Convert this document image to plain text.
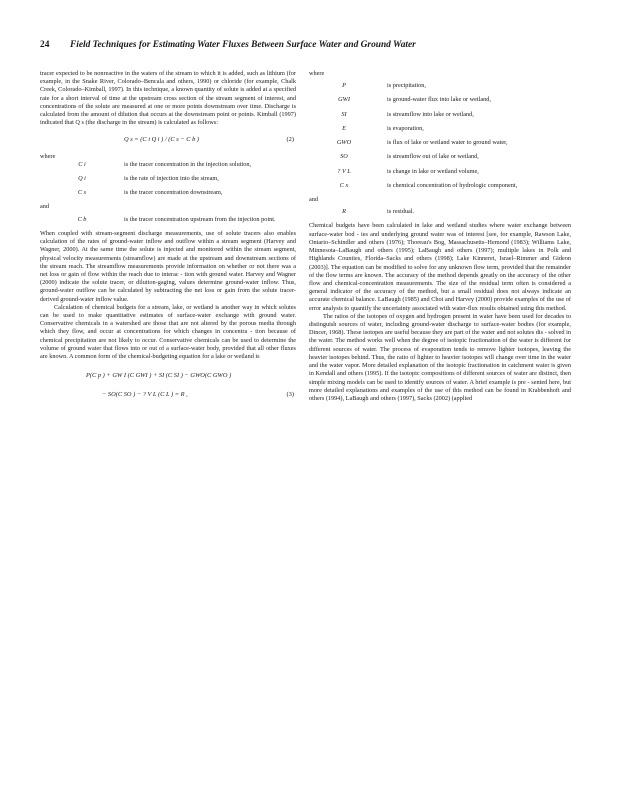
24 Field Techniques for Estimating Water Fluxes Between Surface Water and Ground Water

tracer expected to be nonreactive in the waters of the stream to which it is added, such as lithium (for example, in the Snake River, Colorado–Bencala and others, 1990) or chloride (for example, Chalk Creek, Colorado–Kimball, 1997). In this technique, a known quantity of solute is added at a specified rate for a short interval of time at the upstream cross section of the stream segment of interest, and concentrations of the solute are measured at one or more points downstream over time. Discharge is calculated from the amount of dilution that occurs at the downstream point or points. Kimball (1997) indicated that Q s (the discharge in the stream) is calculated as follows:

Q s = (C i Q i ) / (C s − C b )	(2)

where

C i	is the tracer concentration in the injection solution,
Q i	is the rate of injection into the stream,
C s	is the tracer concentration downstream,

and

C b	is the tracer concentration upstream from the injection point.

When coupled with stream-segment discharge measurements, use of solute tracers also enables calculation of the rates of ground-water inflow and outflow within a stream segment (Harvey and Wagner, 2000). At the same time the solute is injected and monitored within the stream segment, physical velocity measurements (streamflow) are made at the upstream and downstream sections of the stream reach. The streamflow measurements provide information on whether or not there was a net loss or gain of flow within the reach due to interac - tion with ground water. Harvey and Wagner (2000) indicate the solute tracer, or dilution-gaging, values determine ground-water inflow. Thus, ground-water outflow can be calculated by subtracting the net loss or gain from the solute tracer-derived ground-water inflow value.

Calculation of chemical budgets for a stream, lake, or wetland is another way in which solutes can be used to make quantitative estimates of surface-water exchange with ground water. Conservative chemicals in a watershed are those that are not altered by the porous media through which they flow, and occur at concentrations for which changes in concentra - tion because of chemical precipitation are not likely to occur. Conservative chemicals can be used to determine the volume of ground water that flows into or out of a surface-water body, provided that all other fluxes are known. A common form of the chemical-budgeting equation for a lake or wetland is

P(C p ) + GW I (C GWI ) + SI (C SI ) − GWO(C GWO )
− SO(C SO ) − ? V L (C L ) = R ,	(3)

where

P	is precipitation,
GWI	is ground-water flux into lake or wetland,
SI	is streamflow into lake or wetland,
E	is evaporation,
GWO	is flux of lake or wetland water to ground water,
SO	is streamflow out of lake or wetland,
? V L	is change in lake or wetland volume,
C x	is chemical concentration of hydrologic component,

and

R	is residual.

Chemical budgets have been calculated in lake and wetland studies where water exchange between surface-water bod - ies and underlying ground water was of interest [see, for example, Rawson Lake, Ontario–Schindler and others (1976); Thoreau's Bog, Massachusetts–Hemond (1983); Williams Lake, Minnesota–LaBaugh and others (1995); LaBaugh and others (1997); multiple lakes in Polk and Highlands Counties, Florida–Sacks and others (1998); Lake Kinneret, Israel–Rimmer and Gideon (2003)]. The equation can be modified to solve for any unknown flow term, provided that the remainder of the flow terms are known. The accuracy of the method depends greatly on the accuracy of the other flow and chemical-concentration measurements. The size of the residual term often is considered a general indicator of the accuracy of the method, but a small residual does not always indicate an accurate chemical balance. LaBaugh (1985) and Choi and Harvey (2000) provide examples of the use of error analysis to quantify the uncertainty associated with water-flux results obtained using this method.

The ratios of the isotopes of oxygen and hydrogen present in water have been used for decades to distinguish sources of water, including ground-water discharge to surface-water bodies (for example, Dincer, 1968). These isotopes are useful because they are part of the water and not solutes dis - solved in the water. The method works well when the degree of isotopic fractionation of the water is different for different sources of water. The process of evaporation tends to remove lighter isotopes, leaving the heavier isotopes behind. Thus, the ratio of lighter to heavier isotopes will change over time in the water and the water vapor. More detailed explanation of the isotopic fractionation in catchment water is given in Kendall and others (1995). If the isotopic compositions of different sources of water are distinct, then simple mixing models can be used to identify sources of water. A brief example is pre - sented here, but more detailed explanations and examples of the use of this method can be found in Krabbenhoft and others (1994), LaBaugh and others (1997), Sacks (2002) (applied
